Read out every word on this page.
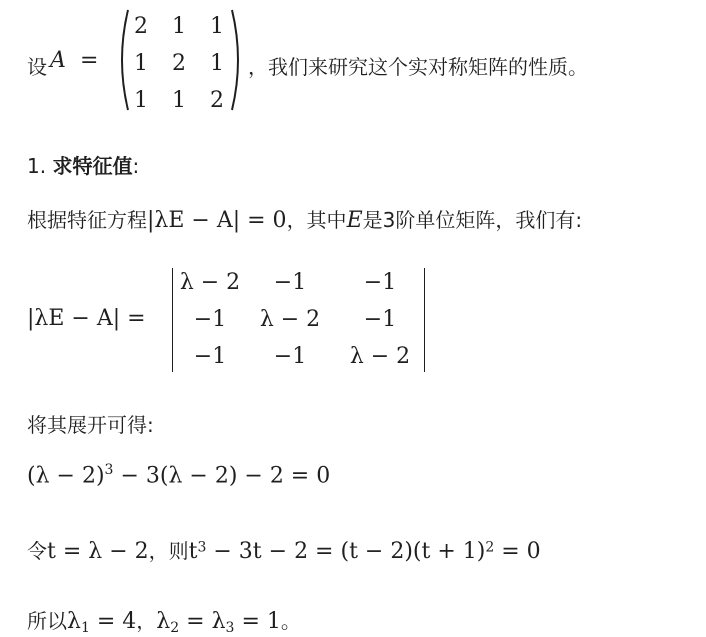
设 A =
2	1	1
1	2	1
1	1	2
，我们来研究这个实对称矩阵的性质。
1. 求特征值:
根据特征方程|λE − A| = 0，其中E是3阶单位矩阵，我们有:
|λE − A| =
λ − 2	−1	−1
−1	λ − 2	−1
−1	−1	λ − 2
将其展开可得:
$(\lambda - 2)^3 - 3(\lambda - 2) - 2 = 0$
令t = λ − 2，则$t^3 - 3t - 2 = (t - 2)(t + 1)^2 = 0$
所以$\lambda_1 = 4$，$\lambda_2 = \lambda_3 = 1$。
